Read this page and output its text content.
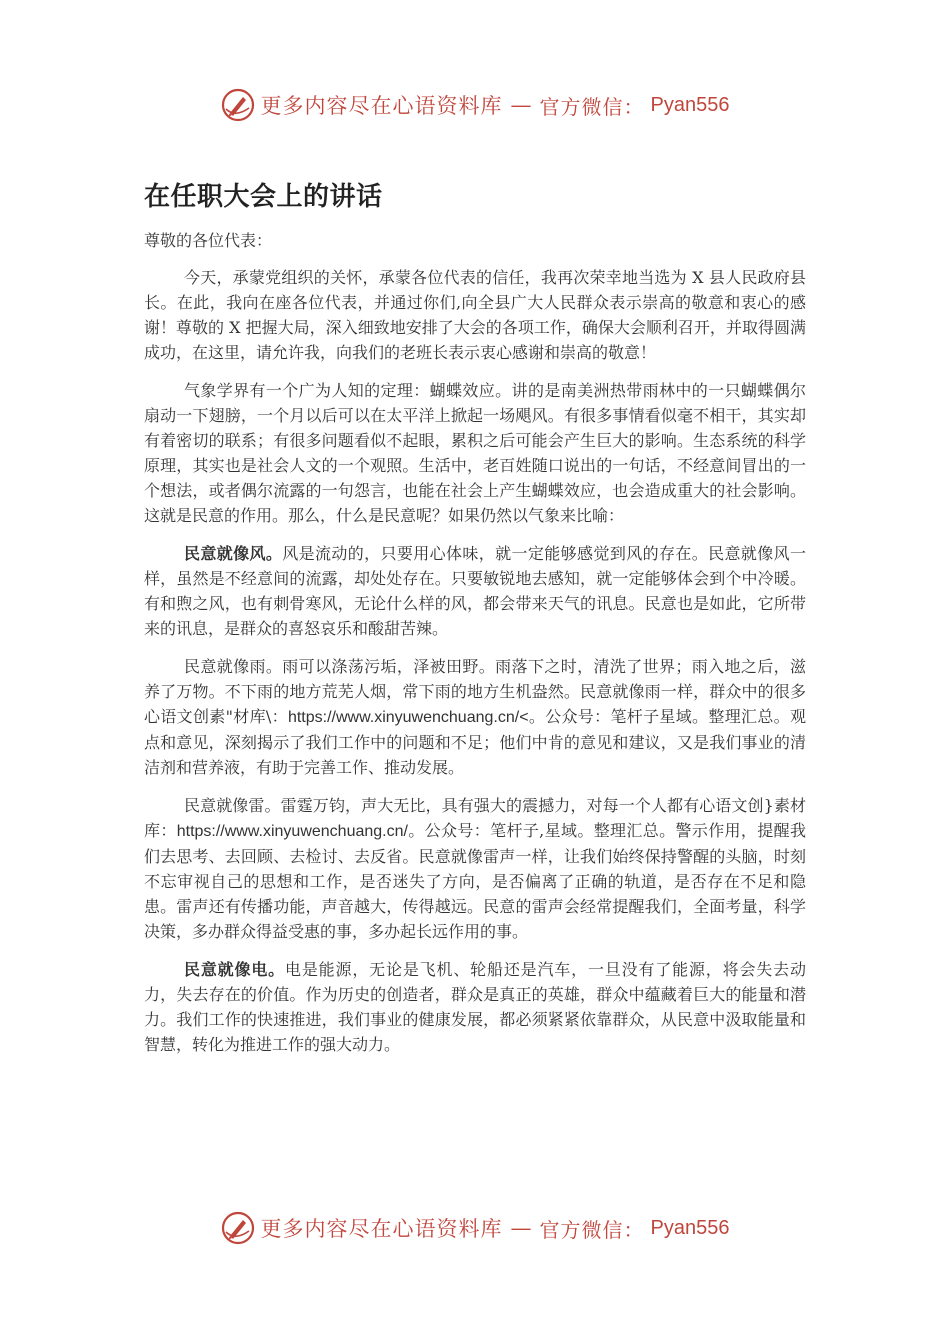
更多内容尽在心语资料库 — 官方微信： Pyan556
在任职大会上的讲话

尊敬的各位代表：

今天，承蒙党组织的关怀，承蒙各位代表的信任，我再次荣幸地当选为 X 县人民政府县长。在此，我向在座各位代表，并通过你们,向全县广大人民群众表示崇高的敬意和衷心的感谢！尊敬的 X 把握大局，深入细致地安排了大会的各项工作，确保大会顺利召开，并取得圆满成功，在这里，请允许我，向我们的老班长表示衷心感谢和崇高的敬意！

气象学界有一个广为人知的定理：蝴蝶效应。讲的是南美洲热带雨林中的一只蝴蝶偶尔扇动一下翅膀，一个月以后可以在太平洋上掀起一场飓风。有很多事情看似毫不相干，其实却有着密切的联系；有很多问题看似不起眼，累积之后可能会产生巨大的影响。生态系统的科学原理，其实也是社会人文的一个观照。生活中，老百姓随口说出的一句话，不经意间冒出的一个想法，或者偶尔流露的一句怨言，也能在社会上产生蝴蝶效应，也会造成重大的社会影响。这就是民意的作用。那么，什么是民意呢？如果仍然以气象来比喻：

民意就像风。风是流动的，只要用心体味，就一定能够感觉到风的存在。民意就像风一样，虽然是不经意间的流露，却处处存在。只要敏锐地去感知，就一定能够体会到个中冷暖。有和煦之风，也有刺骨寒风，无论什么样的风，都会带来天气的讯息。民意也是如此，它所带来的讯息，是群众的喜怒哀乐和酸甜苦辣。

民意就像雨。雨可以涤荡污垢，泽被田野。雨落下之时，清洗了世界；雨入地之后，滋养了万物。不下雨的地方荒芜人烟，常下雨的地方生机盎然。民意就像雨一样，群众中的很多心语文创素"材库\：https://www.xinyuwenchuang.cn/<。公众号：笔杆子星域。整理汇总。观点和意见，深刻揭示了我们工作中的问题和不足；他们中肯的意见和建议，又是我们事业的清洁剂和营养液，有助于完善工作、推动发展。

民意就像雷。雷霆万钧，声大无比，具有强大的震撼力，对每一个人都有心语文创}素材库：https://www.xinyuwenchuang.cn/。公众号：笔杆子,星域。整理汇总。警示作用，提醒我们去思考、去回顾、去检讨、去反省。民意就像雷声一样，让我们始终保持警醒的头脑，时刻不忘审视自己的思想和工作，是否迷失了方向，是否偏离了正确的轨道，是否存在不足和隐患。雷声还有传播功能，声音越大，传得越远。民意的雷声会经常提醒我们，全面考量，科学决策，多办群众得益受惠的事，多办起长远作用的事。

民意就像电。电是能源，无论是飞机、轮船还是汽车，一旦没有了能源，将会失去动力，失去存在的价值。作为历史的创造者，群众是真正的英雄，群众中蕴藏着巨大的能量和潜力。我们工作的快速推进，我们事业的健康发展，都必须紧紧依靠群众，从民意中汲取能量和智慧，转化为推进工作的强大动力。

更多内容尽在心语资料库 — 官方微信： Pyan556
